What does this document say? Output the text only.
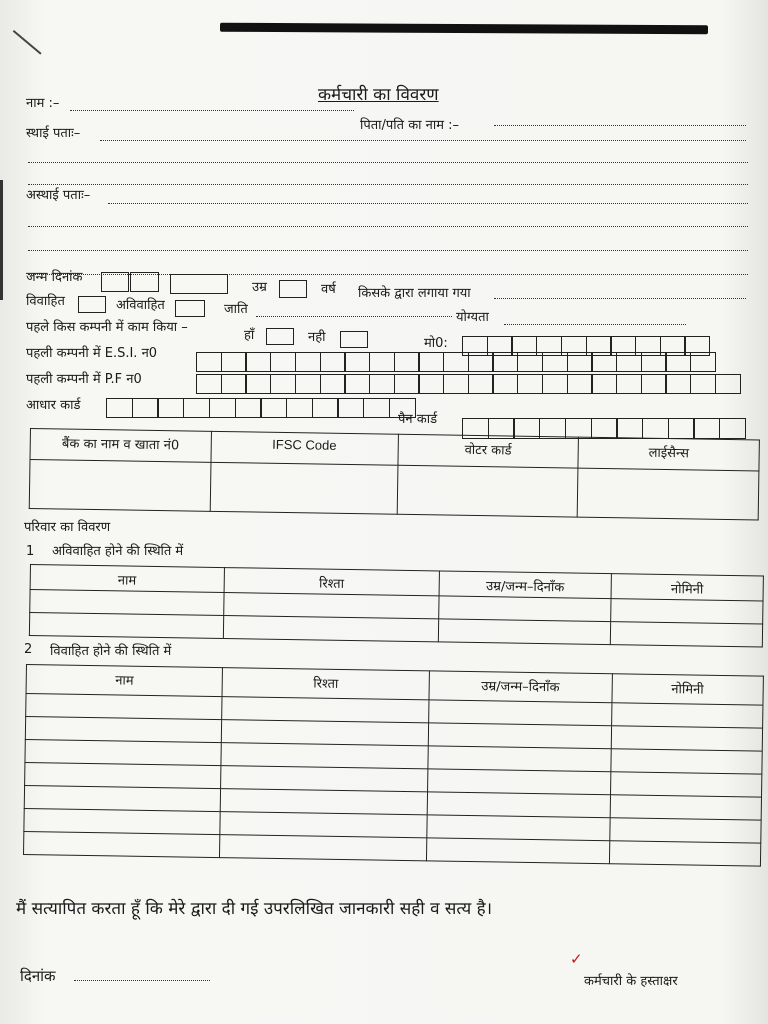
कर्मचारी का विवरण
नाम :–
पिता/पति का नाम :–
स्थाई पताः–
अस्थाई पताः–
जन्म दिनांक
उम्र	वर्ष किसके द्वारा लगाया गया
विवाहित	अविवाहित	जाति
योग्यता
पहले किस कम्पनी में काम किया –
हाँ	नही	मो0:
पहली कम्पनी में E.S.I. न0
पहली कम्पनी में P.F न0
आधार कार्ड
पैन कार्ड
बैंक का नाम व खाता नं0	IFSC Code	वोटर कार्ड	लाईसैन्स

परिवार का विवरण
1 अविवाहित होने की स्थिति में
नाम	रिश्ता	उम्र/जन्म–दिनाँक	नोमिनी

2 विवाहित होने की स्थिति में
नाम	रिश्ता	उम्र/जन्म–दिनाँक	नोमिनी

मैं सत्यापित करता हूँ कि मेरे द्वारा दी गई उपरलिखित जानकारी सही व सत्य है।
दिनांक
✓
कर्मचारी के हस्ताक्षर
